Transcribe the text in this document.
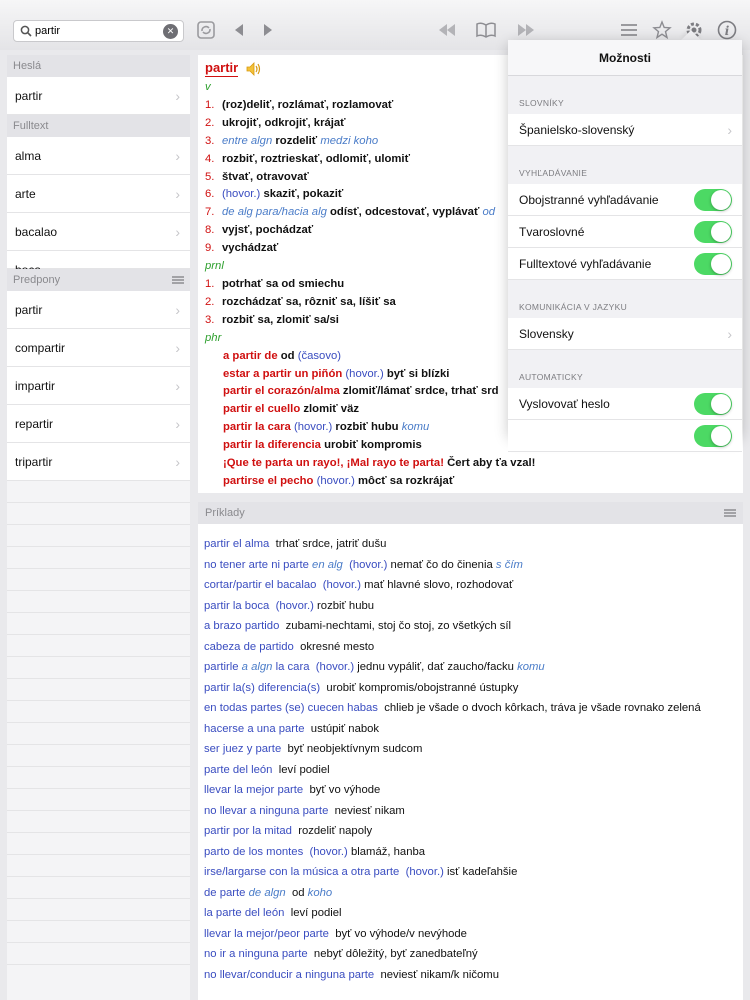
partir	✕	i
Heslá
partir	›
Fulltext
alma	›
arte	›
bacalao	›
Predpony
partir	›
compartir	›
impartir	›
repartir	›
tripartir	›
partir
v
1. (roz)deliť, rozlámať, rozlamovať
2. ukrojiť, odkrojiť, krájať
3. entre algn rozdeliť medzi koho
4. rozbiť, roztrieskať, odlomiť, ulomiť
5. štvať, otravovať
6. (hovor.) skaziť, pokaziť
7. de alg para/hacia alg odísť, odcestovať, vyplávať od
8. vyjsť, pochádzať
9. vychádzať
prnl
1. potrhať sa od smiechu
2. rozchádzať sa, rôzniť sa, líšiť sa
3. rozbiť sa, zlomiť sa/si
phr
a partir de od (časovo)
estar a partir un piñón (hovor.) byť si blízki
partir el corazón/alma zlomiť/lámať srdce, trhať srd
partir el cuello zlomiť väz
partir la cara (hovor.) rozbiť hubu komu
partir la diferencia urobiť kompromis
¡Que te parta un rayo!, ¡Mal rayo te parta! Čert aby ťa vzal!
partirse el pecho (hovor.) môcť sa rozkrájať
Príklady
partir el alma trhať srdce, jatriť dušu
no tener arte ni parte en alg (hovor.) nemať čo do činenia s čím
cortar/partir el bacalao (hovor.) mať hlavné slovo, rozhodovať
partir la boca (hovor.) rozbiť hubu
a brazo partido zubami-nechtami, stoj čo stoj, zo všetkých síl
cabeza de partido okresné mesto
partirle a algn la cara (hovor.) jednu vypáliť, dať zaucho/facku komu
partir la(s) diferencia(s) urobiť kompromis/obojstranné ústupky
en todas partes (se) cuecen habas chlieb je všade o dvoch kôrkach, tráva je všade rovnako zelená
hacerse a una parte ustúpiť nabok
ser juez y parte byť neobjektívnym sudcom
parte del león leví podiel
llevar la mejor parte byť vo výhode
no llevar a ninguna parte neviesť nikam
partir por la mitad rozdeliť napoly
parto de los montes (hovor.) blamáž, hanba
irse/largarse con la música a otra parte (hovor.) isť kadeľahšie
de parte de algn od koho
la parte del león leví podiel
llevar la mejor/peor parte byť vo výhode/v nevýhode
no ir a ninguna parte nebyť dôležitý, byť zanedbateľný
no llevar/conducir a ninguna parte neviesť nikam/k ničomu
Možnosti
SLOVNÍKY
Španielsko-slovenský	›
VYHĽADÁVANIE
Obojstranné vyhľadávanie
Tvaroslovné
Fulltextové vyhľadávanie
KOMUNIKÁCIA V JAZYKU
Slovensky	›
AUTOMATICKY
Vyslovovať heslo
